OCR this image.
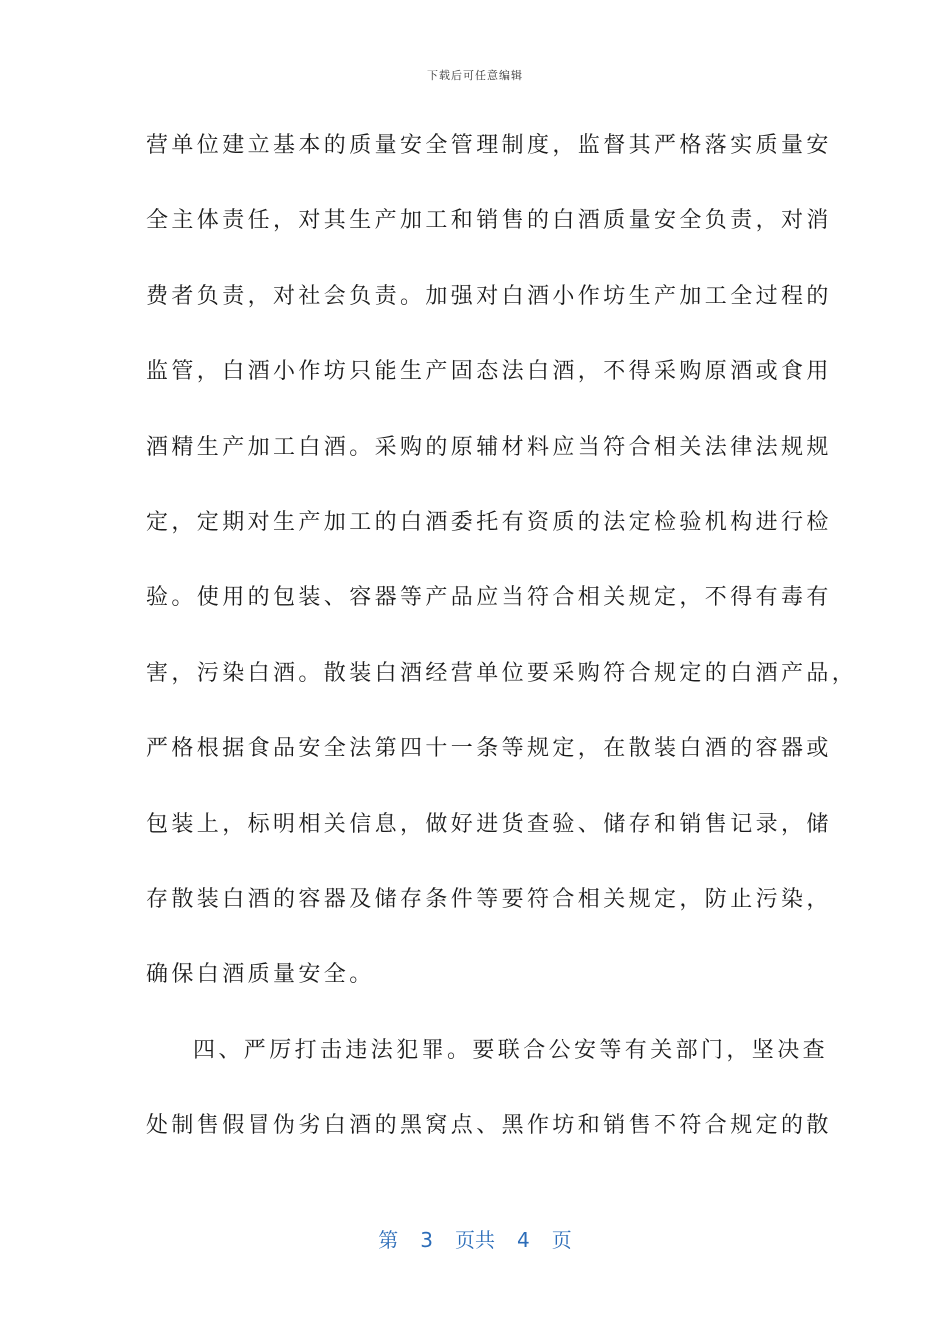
下载后可任意编辑
营单位建立基本的质量安全管理制度，监督其严格落实质量安
全主体责任，对其生产加工和销售的白酒质量安全负责，对消
费者负责，对社会负责。加强对白酒小作坊生产加工全过程的
监管，白酒小作坊只能生产固态法白酒，不得采购原酒或食用
酒精生产加工白酒。采购的原辅材料应当符合相关法律法规规
定，定期对生产加工的白酒委托有资质的法定检验机构进行检
验。使用的包装、容器等产品应当符合相关规定，不得有毒有
害，污染白酒。散装白酒经营单位要采购符合规定的白酒产品，
严格根据食品安全法第四十一条等规定，在散装白酒的容器或
包装上，标明相关信息，做好进货查验、储存和销售记录，储
存散装白酒的容器及储存条件等要符合相关规定，防止污染，
确保白酒质量安全。
四、严厉打击违法犯罪。要联合公安等有关部门，坚决查
处制售假冒伪劣白酒的黑窝点、黑作坊和销售不符合规定的散
第 3 页共 4 页
